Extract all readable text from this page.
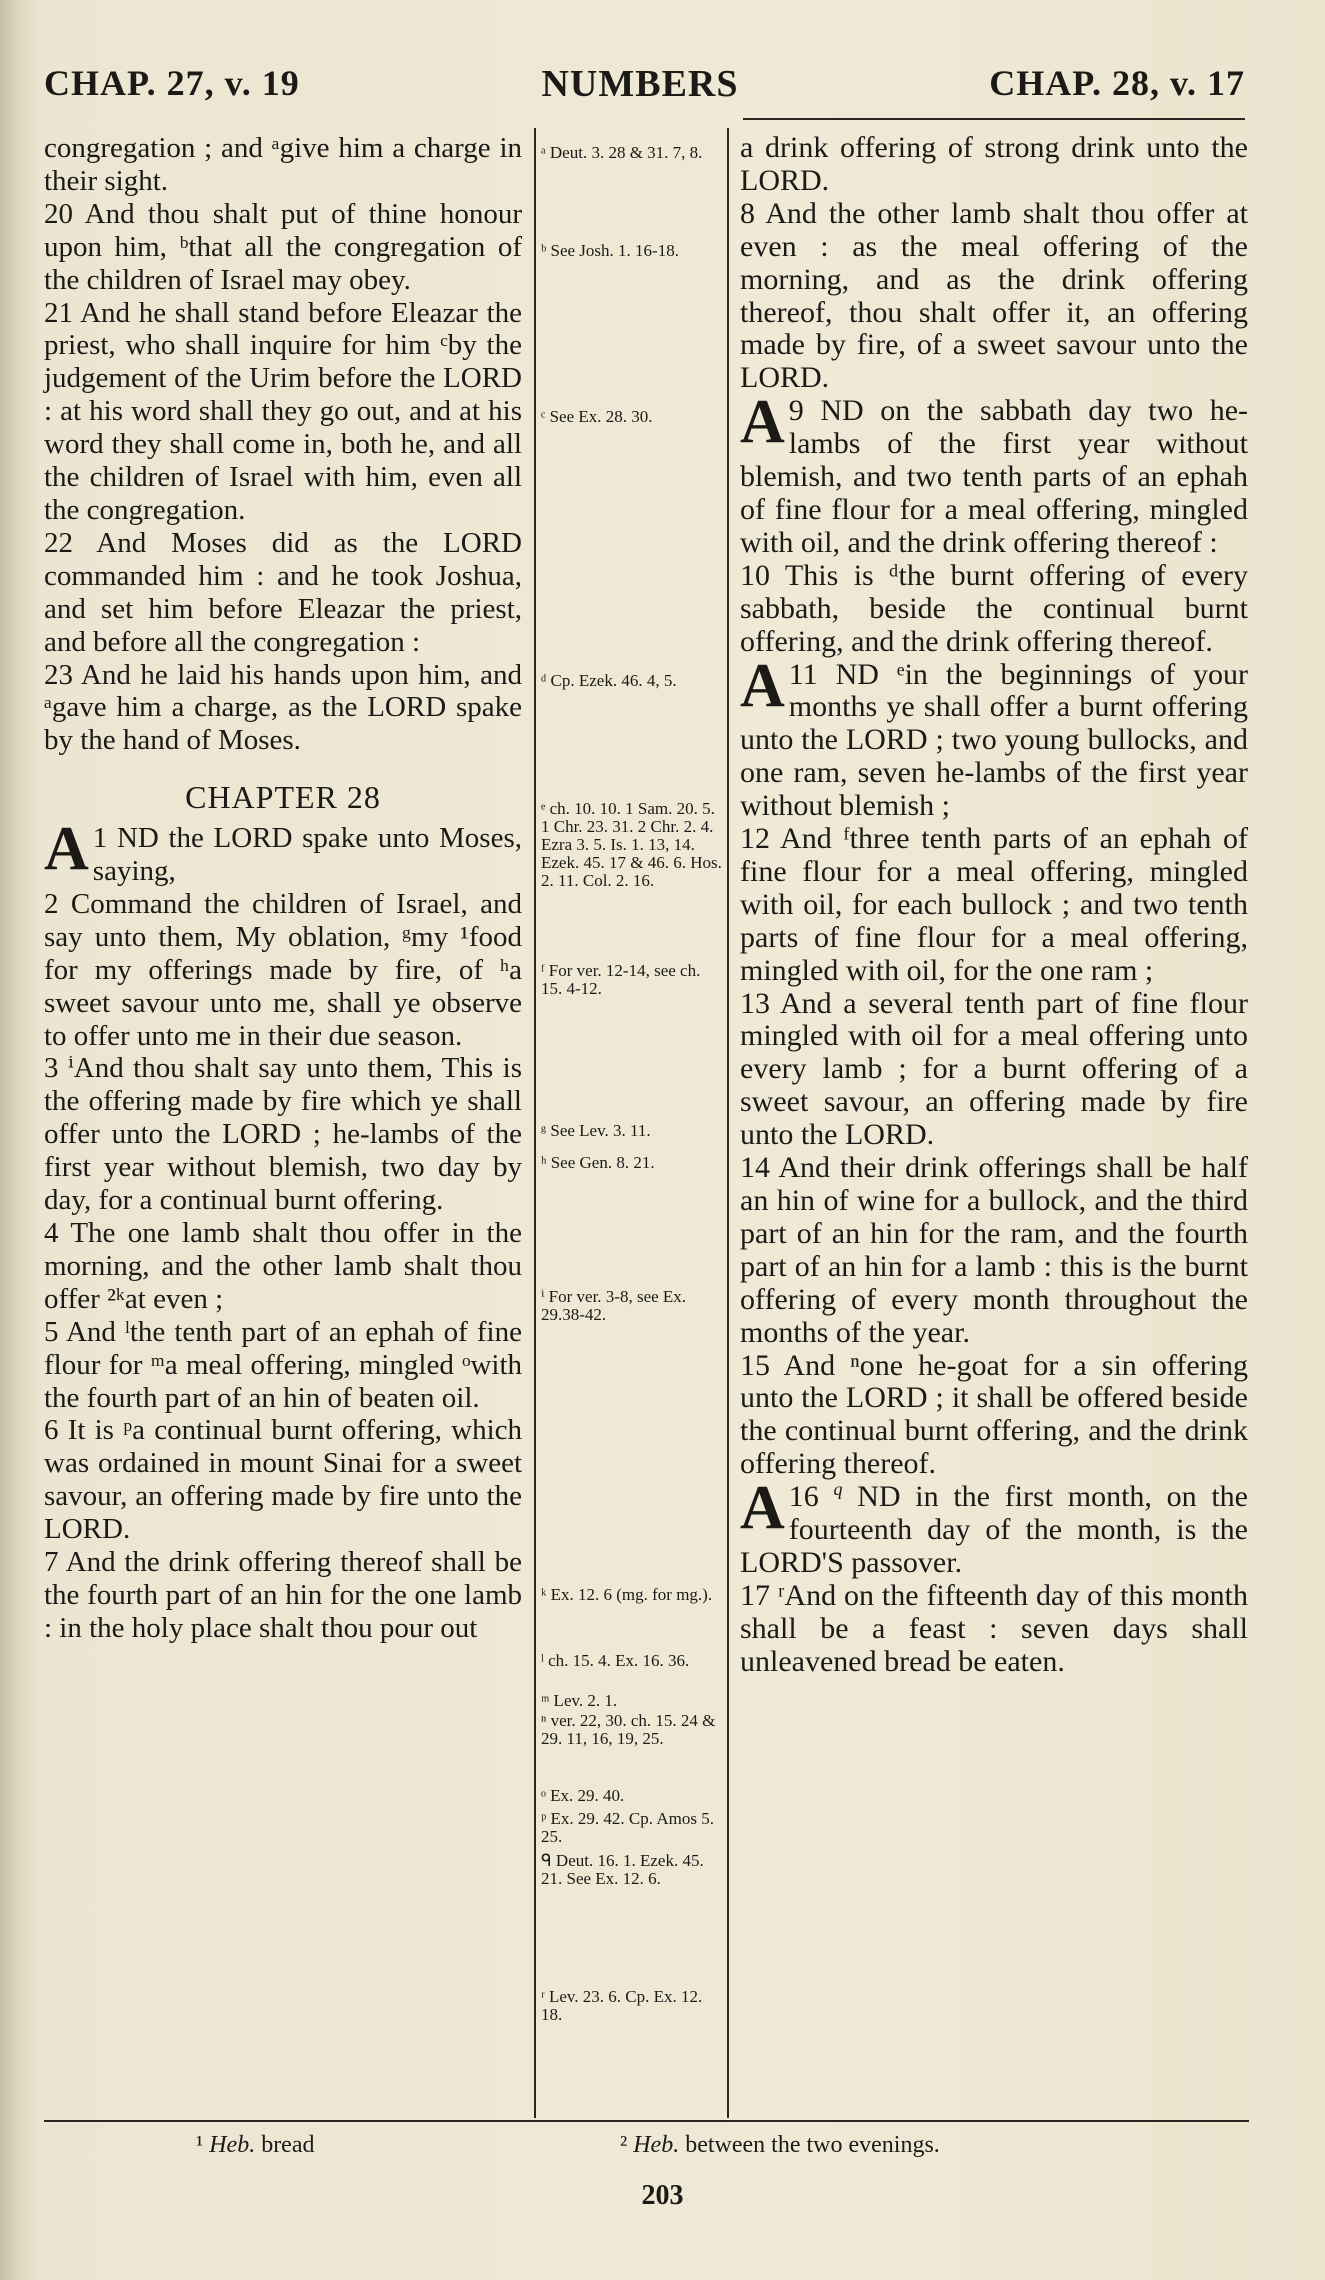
CHAP. 27, v. 19	NUMBERS	CHAP. 28, v. 17

congregation ; and ᵃgive him a charge in their sight.

20 And thou shalt put of thine honour upon him, ᵇthat all the congregation of the children of Israel may obey.

21 And he shall stand before Eleazar the priest, who shall inquire for him ᶜby the judgement of the Urim before the LORD : at his word shall they go out, and at his word they shall come in, both he, and all the children of Israel with him, even all the congregation.

22 And Moses did as the LORD commanded him : and he took Joshua, and set him before Eleazar the priest, and before all the congregation :

23 And he laid his hands upon him, and ᵃgave him a charge, as the LORD spake by the hand of Moses.

CHAPTER 28

1
A ND the LORD spake unto Moses, saying,

2 Command the children of Israel, and say unto them, My oblation, ᵍmy ¹food for my offerings made by fire, of ʰa sweet savour unto me, shall ye observe to offer unto me in their due season.

3 ⁱAnd thou shalt say unto them, This is the offering made by fire which ye shall offer unto the LORD ; he-lambs of the first year without blemish, two day by day, for a continual burnt offering.

4 The one lamb shalt thou offer in the morning, and the other lamb shalt thou offer ²ᵏat even ;

5 And ˡthe tenth part of an ephah of fine flour for ᵐa meal offering, mingled ᵒwith the fourth part of an hin of beaten oil.

6 It is ᵖa continual burnt offering, which was ordained in mount Sinai for a sweet savour, an offering made by fire unto the LORD.

7 And the drink offering thereof shall be the fourth part of an hin for the one lamb : in the holy place shalt thou pour out

ᵃ Deut. 3. 28 & 31. 7, 8.
ᵇ See Josh. 1. 16-18.
ᶜ See Ex. 28. 30.
ᵈ Cp. Ezek. 46. 4, 5.
ᵉ ch. 10. 10. 1 Sam. 20. 5. 1 Chr. 23. 31. 2 Chr. 2. 4. Ezra 3. 5. Is. 1. 13, 14. Ezek. 45. 17 & 46. 6. Hos. 2. 11. Col. 2. 16.
ᶠ For ver. 12-14, see ch. 15. 4-12.
ᵍ See Lev. 3. 11.
ʰ See Gen. 8. 21.
ⁱ For ver. 3-8, see Ex. 29.38-42.
ᵏ Ex. 12. 6 (mg. for mg.).
ˡ ch. 15. 4. Ex. 16. 36.
ᵐ Lev. 2. 1.
ⁿ ver. 22, 30. ch. 15. 24 & 29. 11, 16, 19, 25.
ᵒ Ex. 29. 40.
ᵖ Ex. 29. 42. Cp. Amos 5. 25.
ᑫ Deut. 16. 1. Ezek. 45. 21. See Ex. 12. 6.
ʳ Lev. 23. 6. Cp. Ex. 12. 18.

a drink offering of strong drink unto the LORD.

8 And the other lamb shalt thou offer at even : as the meal offering of the morning, and as the drink offering thereof, thou shalt offer it, an offering made by fire, of a sweet savour unto the LORD.

9
A ND on the sabbath day two he-lambs of the first year without blemish, and two tenth parts of an ephah of fine flour for a meal offering, mingled with oil, and the drink offering thereof :

10 This is ᵈthe burnt offering of every sabbath, beside the continual burnt offering, and the drink offering thereof.

11
A ND ᵉin the beginnings of your months ye shall offer a burnt offering unto the LORD ; two young bullocks, and one ram, seven he-lambs of the first year without blemish ;

12 And ᶠthree tenth parts of an ephah of fine flour for a meal offering, mingled with oil, for each bullock ; and two tenth parts of fine flour for a meal offering, mingled with oil, for the one ram ;

13 And a several tenth part of fine flour mingled with oil for a meal offering unto every lamb ; for a burnt offering of a sweet savour, an offering made by fire unto the LORD.

14 And their drink offerings shall be half an hin of wine for a bullock, and the third part of an hin for the ram, and the fourth part of an hin for a lamb : this is the burnt offering of every month throughout the months of the year.

15 And ⁿone he-goat for a sin offering unto the LORD ; it shall be offered beside the continual burnt offering, and the drink offering thereof.

16 $^q$
A ND in the first month, on the fourteenth day of the month, is the LORD'S passover.

17 ʳAnd on the fifteenth day of this month shall be a feast : seven days shall unleavened bread be eaten.

¹ Heb. bread	² Heb. between the two evenings.
203
